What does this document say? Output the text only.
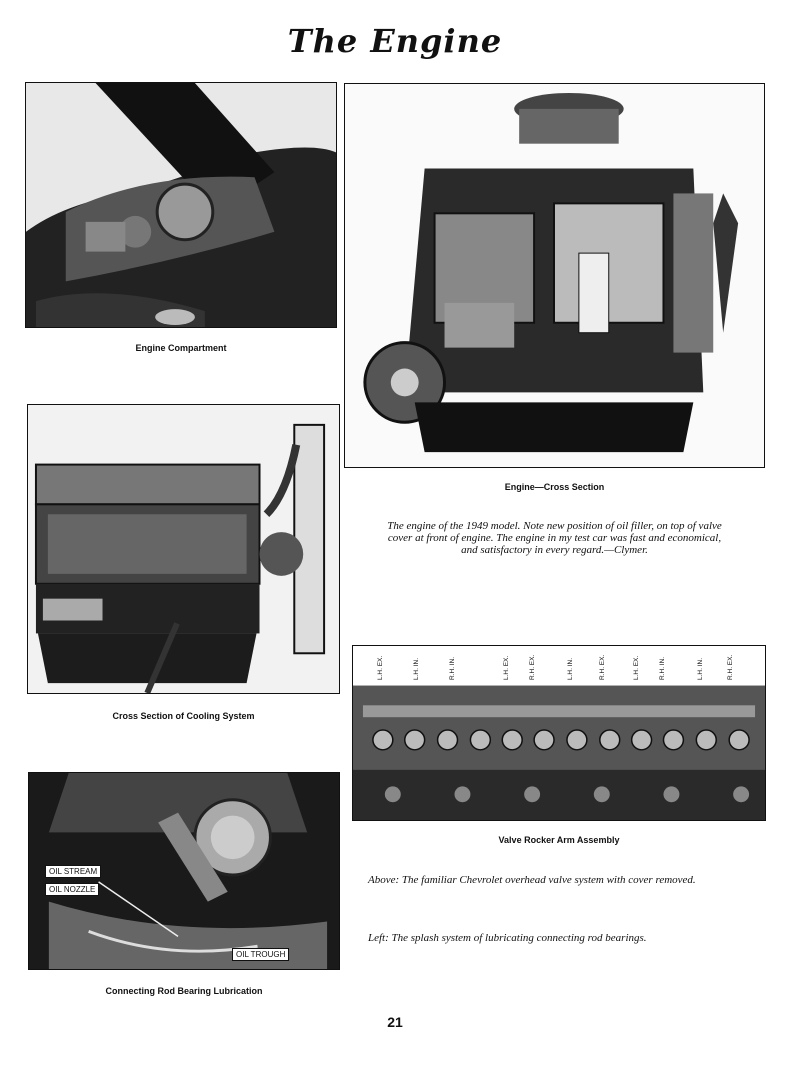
The Engine
Engine Compartment
Engine—Cross Section
The engine of the 1949 model. Note new position of oil filler, on top of valve
cover at front of engine. The engine in my test car was fast and economical,
and satisfactory in every regard.—Clymer.
Cross Section of Cooling System
L.H. EX.	L.H. IN.	R.H. IN.	L.H. EX.	R.H. EX.	L.H. IN.	R.H. EX.	L.H. EX.	R.H. IN.	L.H. IN.	R.H. EX.
Valve Rocker Arm Assembly
Above: The familiar Chevrolet overhead valve system with cover removed.
Left: The splash system of lubricating connecting rod bearings.
OIL STREAM
OIL NOZZLE
OIL TROUGH
Connecting Rod Bearing Lubrication
21
